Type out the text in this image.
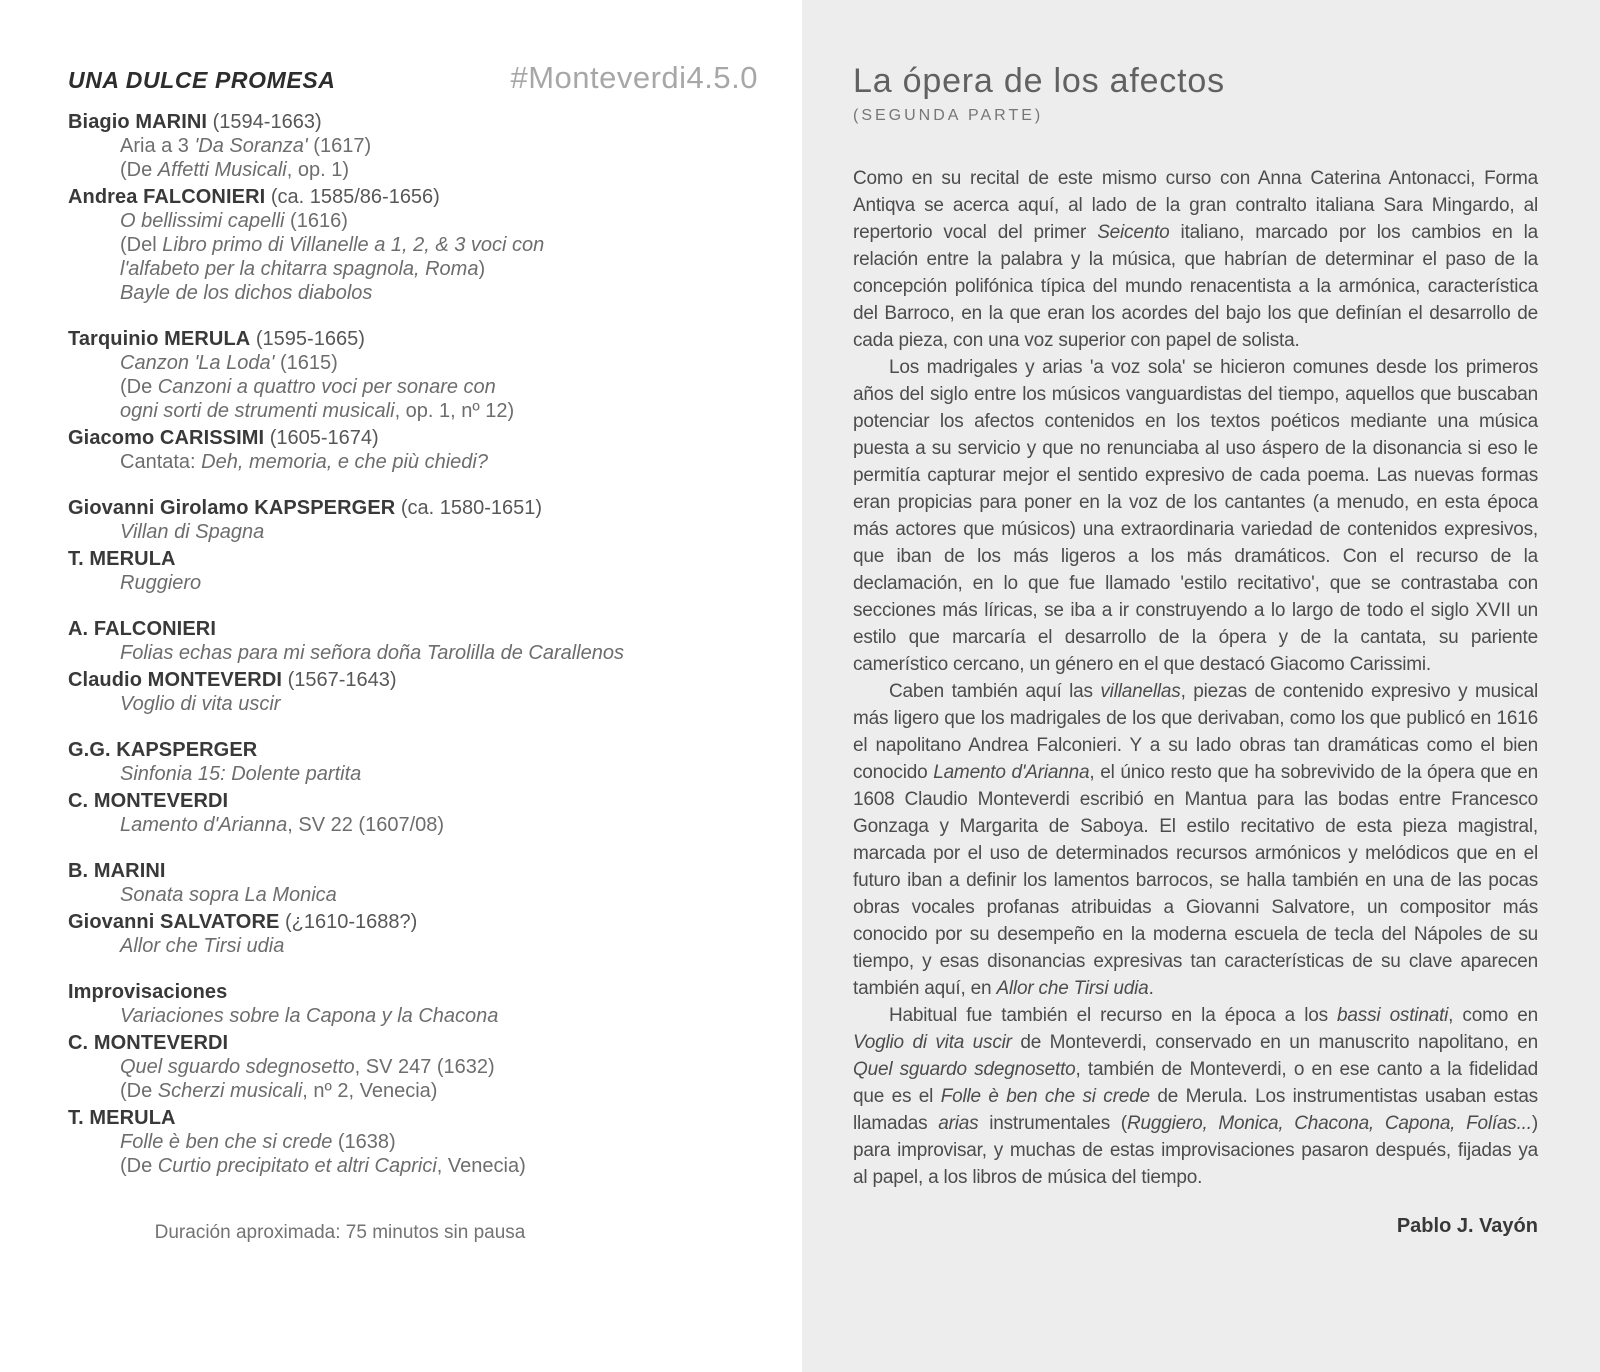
UNA DULCE PROMESA	#Monteverdi4.5.0
Biagio MARINI (1594-1663)
Aria a 3 'Da Soranza' (1617)
(De Affetti Musicali, op. 1)
Andrea FALCONIERI (ca. 1585/86-1656)
O bellissimi capelli (1616)
(Del Libro primo di Villanelle a 1, 2, & 3 voci con
l'alfabeto per la chitarra spagnola, Roma)
Bayle de los dichos diabolos
Tarquinio MERULA (1595-1665)
Canzon 'La Loda' (1615)
(De Canzoni a quattro voci per sonare con
ogni sorti de strumenti musicali, op. 1, nº 12)
Giacomo CARISSIMI (1605-1674)
Cantata: Deh, memoria, e che più chiedi?
Giovanni Girolamo KAPSPERGER (ca. 1580-1651)
Villan di Spagna
T. MERULA
Ruggiero
A. FALCONIERI
Folias echas para mi señora doña Tarolilla de Carallenos
Claudio MONTEVERDI (1567-1643)
Voglio di vita uscir
G.G. KAPSPERGER
Sinfonia 15: Dolente partita
C. MONTEVERDI
Lamento d'Arianna, SV 22 (1607/08)
B. MARINI
Sonata sopra La Monica
Giovanni SALVATORE (¿1610-1688?)
Allor che Tirsi udia
Improvisaciones
Variaciones sobre la Capona y la Chacona
C. MONTEVERDI
Quel sguardo sdegnosetto, SV 247 (1632)
(De Scherzi musicali, nº 2, Venecia)
T. MERULA
Folle è ben che si crede (1638)
(De Curtio precipitato et altri Caprici, Venecia)
Duración aproximada: 75 minutos sin pausa
La ópera de los afectos
(SEGUNDA PARTE)

Como en su recital de este mismo curso con Anna Caterina Antonacci, Forma Antiqva se acerca aquí, al lado de la gran contralto italiana Sara Mingardo, al repertorio vocal del primer Seicento italiano, marcado por los cambios en la relación entre la palabra y la música, que habrían de determinar el paso de la concepción polifónica típica del mundo renacentista a la armónica, característica del Barroco, en la que eran los acordes del bajo los que definían el desarrollo de cada pieza, con una voz superior con papel de solista.

Los madrigales y arias 'a voz sola' se hicieron comunes desde los primeros años del siglo entre los músicos vanguardistas del tiempo, aquellos que buscaban potenciar los afectos contenidos en los textos poéticos mediante una música puesta a su servicio y que no renunciaba al uso áspero de la disonancia si eso le permitía capturar mejor el sentido expresivo de cada poema. Las nuevas formas eran propicias para poner en la voz de los cantantes (a menudo, en esta época más actores que músicos) una extraordinaria variedad de contenidos expresivos, que iban de los más ligeros a los más dramáticos. Con el recurso de la declamación, en lo que fue llamado 'estilo recitativo', que se contrastaba con secciones más líricas, se iba a ir construyendo a lo largo de todo el siglo XVII un estilo que marcaría el desarrollo de la ópera y de la cantata, su pariente camerístico cercano, un género en el que destacó Giacomo Carissimi.

Caben también aquí las villanellas, piezas de contenido expresivo y musical más ligero que los madrigales de los que derivaban, como los que publicó en 1616 el napolitano Andrea Falconieri. Y a su lado obras tan dramáticas como el bien conocido Lamento d'Arianna, el único resto que ha sobrevivido de la ópera que en 1608 Claudio Monteverdi escribió en Mantua para las bodas entre Francesco Gonzaga y Margarita de Saboya. El estilo recitativo de esta pieza magistral, marcada por el uso de determinados recursos armónicos y melódicos que en el futuro iban a definir los lamentos barrocos, se halla también en una de las pocas obras vocales profanas atribuidas a Giovanni Salvatore, un compositor más conocido por su desempeño en la moderna escuela de tecla del Nápoles de su tiempo, y esas disonancias expresivas tan características de su clave aparecen también aquí, en Allor che Tirsi udia.

Habitual fue también el recurso en la época a los bassi ostinati, como en Voglio di vita uscir de Monteverdi, conservado en un manuscrito napolitano, en Quel sguardo sdegnosetto, también de Monteverdi, o en ese canto a la fidelidad que es el Folle è ben che si crede de Merula. Los instrumentistas usaban estas llamadas arias instrumentales (Ruggiero, Monica, Chacona, Capona, Folías...) para improvisar, y muchas de estas improvisaciones pasaron después, fijadas ya al papel, a los libros de música del tiempo.

Pablo J. Vayón
